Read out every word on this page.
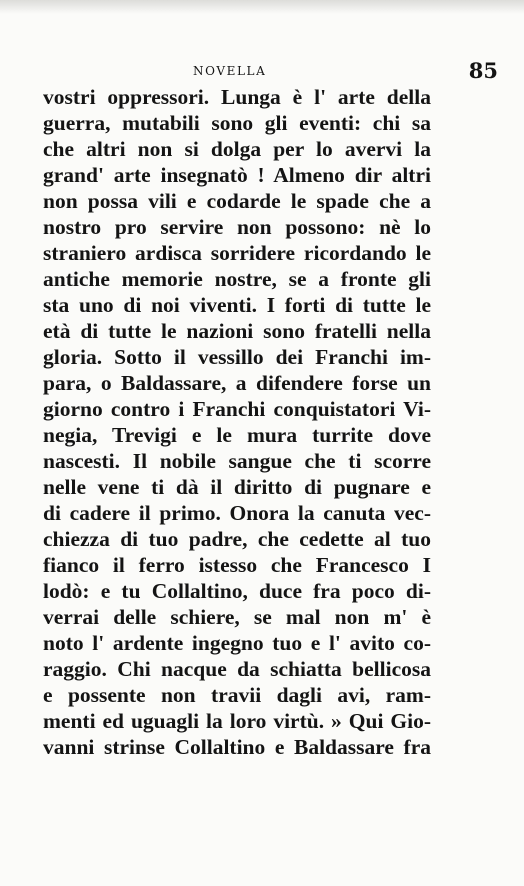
NOVELLA	85
vostri oppressori. Lunga è l' arte della
guerra, mutabili sono gli eventi: chi sa
che altri non si dolga per lo avervi la
grand' arte insegnatò ! Almeno dir altri
non possa vili e codarde le spade che a
nostro pro servire non possono: nè lo
straniero ardisca sorridere ricordando le
antiche memorie nostre, se a fronte gli
sta uno di noi viventi. I forti di tutte le
età di tutte le nazioni sono fratelli nella
gloria. Sotto il vessillo dei Franchi im-
para, o Baldassare, a difendere forse un
giorno contro i Franchi conquistatori Vi-
negia, Trevigi e le mura turrite dove
nascesti. Il nobile sangue che ti scorre
nelle vene ti dà il diritto di pugnare e
di cadere il primo. Onora la canuta vec-
chiezza di tuo padre, che cedette al tuo
fianco il ferro istesso che Francesco I
lodò: e tu Collaltino, duce fra poco di-
verrai delle schiere, se mal non m' è
noto l' ardente ingegno tuo e l' avito co-
raggio. Chi nacque da schiatta bellicosa
e possente non travii dagli avi, ram-
menti ed uguagli la loro virtù. » Qui Gio-
vanni strinse Collaltino e Baldassare fra
